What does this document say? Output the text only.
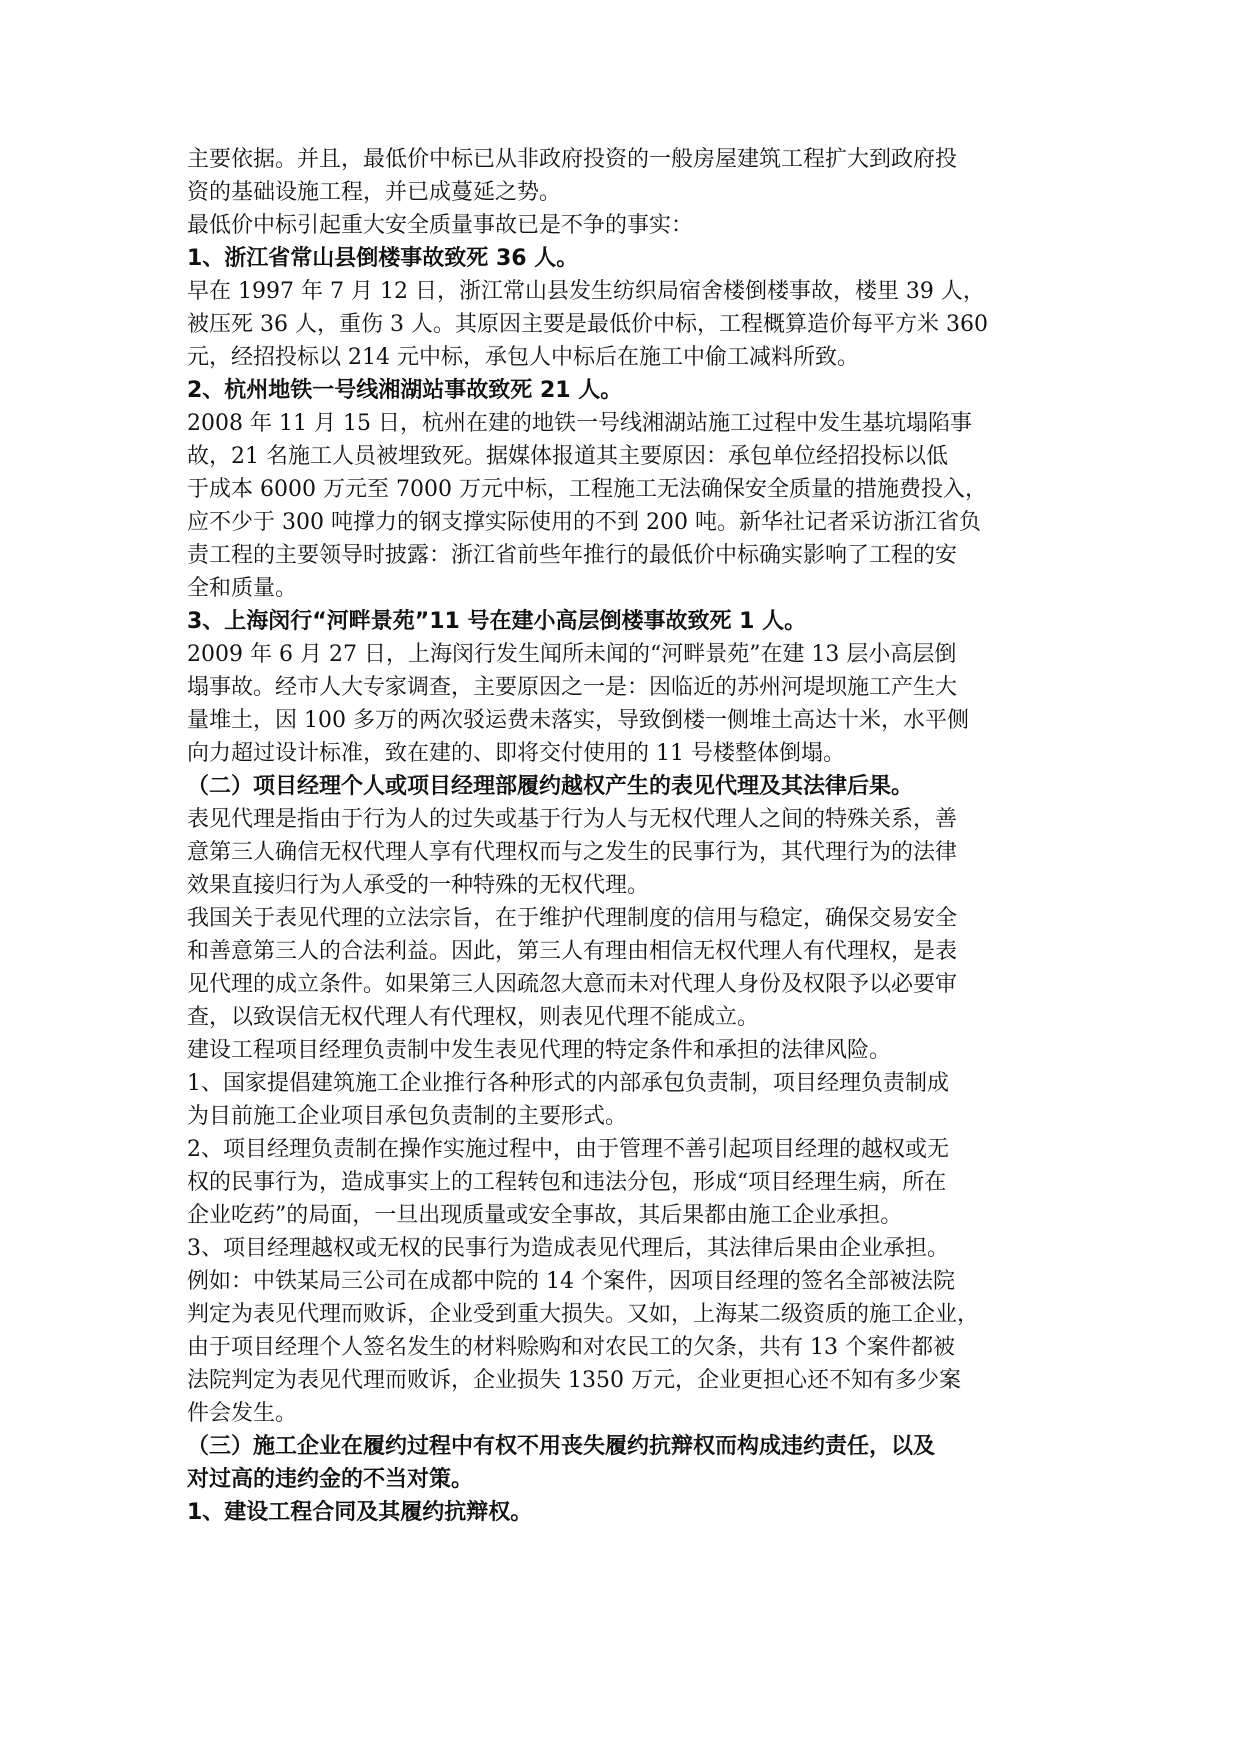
主要依据。并且，最低价中标已从非政府投资的一般房屋建筑工程扩大到政府投
资的基础设施工程，并已成蔓延之势。
最低价中标引起重大安全质量事故已是不争的事实：
1、浙江省常山县倒楼事故致死 36 人。
早在 1997 年 7 月 12 日，浙江常山县发生纺织局宿舍楼倒楼事故，楼里 39 人，
被压死 36 人，重伤 3 人。其原因主要是最低价中标，工程概算造价每平方米 360
元，经招投标以 214 元中标，承包人中标后在施工中偷工减料所致。
2、杭州地铁一号线湘湖站事故致死 21 人。
2008 年 11 月 15 日，杭州在建的地铁一号线湘湖站施工过程中发生基坑塌陷事
故，21 名施工人员被埋致死。据媒体报道其主要原因：承包单位经招投标以低
于成本 6000 万元至 7000 万元中标，工程施工无法确保安全质量的措施费投入，
应不少于 300 吨撑力的钢支撑实际使用的不到 200 吨。新华社记者采访浙江省负
责工程的主要领导时披露：浙江省前些年推行的最低价中标确实影响了工程的安
全和质量。
3、上海闵行“河畔景苑”11 号在建小高层倒楼事故致死 1 人。
2009 年 6 月 27 日，上海闵行发生闻所未闻的“河畔景苑”在建 13 层小高层倒
塌事故。经市人大专家调查，主要原因之一是：因临近的苏州河堤坝施工产生大
量堆土，因 100 多万的两次驳运费未落实，导致倒楼一侧堆土高达十米，水平侧
向力超过设计标准，致在建的、即将交付使用的 11 号楼整体倒塌。
（二）项目经理个人或项目经理部履约越权产生的表见代理及其法律后果。
表见代理是指由于行为人的过失或基于行为人与无权代理人之间的特殊关系，善
意第三人确信无权代理人享有代理权而与之发生的民事行为，其代理行为的法律
效果直接归行为人承受的一种特殊的无权代理。
我国关于表见代理的立法宗旨，在于维护代理制度的信用与稳定，确保交易安全
和善意第三人的合法利益。因此，第三人有理由相信无权代理人有代理权，是表
见代理的成立条件。如果第三人因疏忽大意而未对代理人身份及权限予以必要审
查，以致误信无权代理人有代理权，则表见代理不能成立。
建设工程项目经理负责制中发生表见代理的特定条件和承担的法律风险。
1、国家提倡建筑施工企业推行各种形式的内部承包负责制，项目经理负责制成
为目前施工企业项目承包负责制的主要形式。
2、项目经理负责制在操作实施过程中，由于管理不善引起项目经理的越权或无
权的民事行为，造成事实上的工程转包和违法分包，形成“项目经理生病，所在
企业吃药”的局面，一旦出现质量或安全事故，其后果都由施工企业承担。
3、项目经理越权或无权的民事行为造成表见代理后，其法律后果由企业承担。
例如：中铁某局三公司在成都中院的 14 个案件，因项目经理的签名全部被法院
判定为表见代理而败诉，企业受到重大损失。又如，上海某二级资质的施工企业，
由于项目经理个人签名发生的材料赊购和对农民工的欠条，共有 13 个案件都被
法院判定为表见代理而败诉，企业损失 1350 万元，企业更担心还不知有多少案
件会发生。
（三）施工企业在履约过程中有权不用丧失履约抗辩权而构成违约责任，以及
对过高的违约金的不当对策。
1、建设工程合同及其履约抗辩权。
